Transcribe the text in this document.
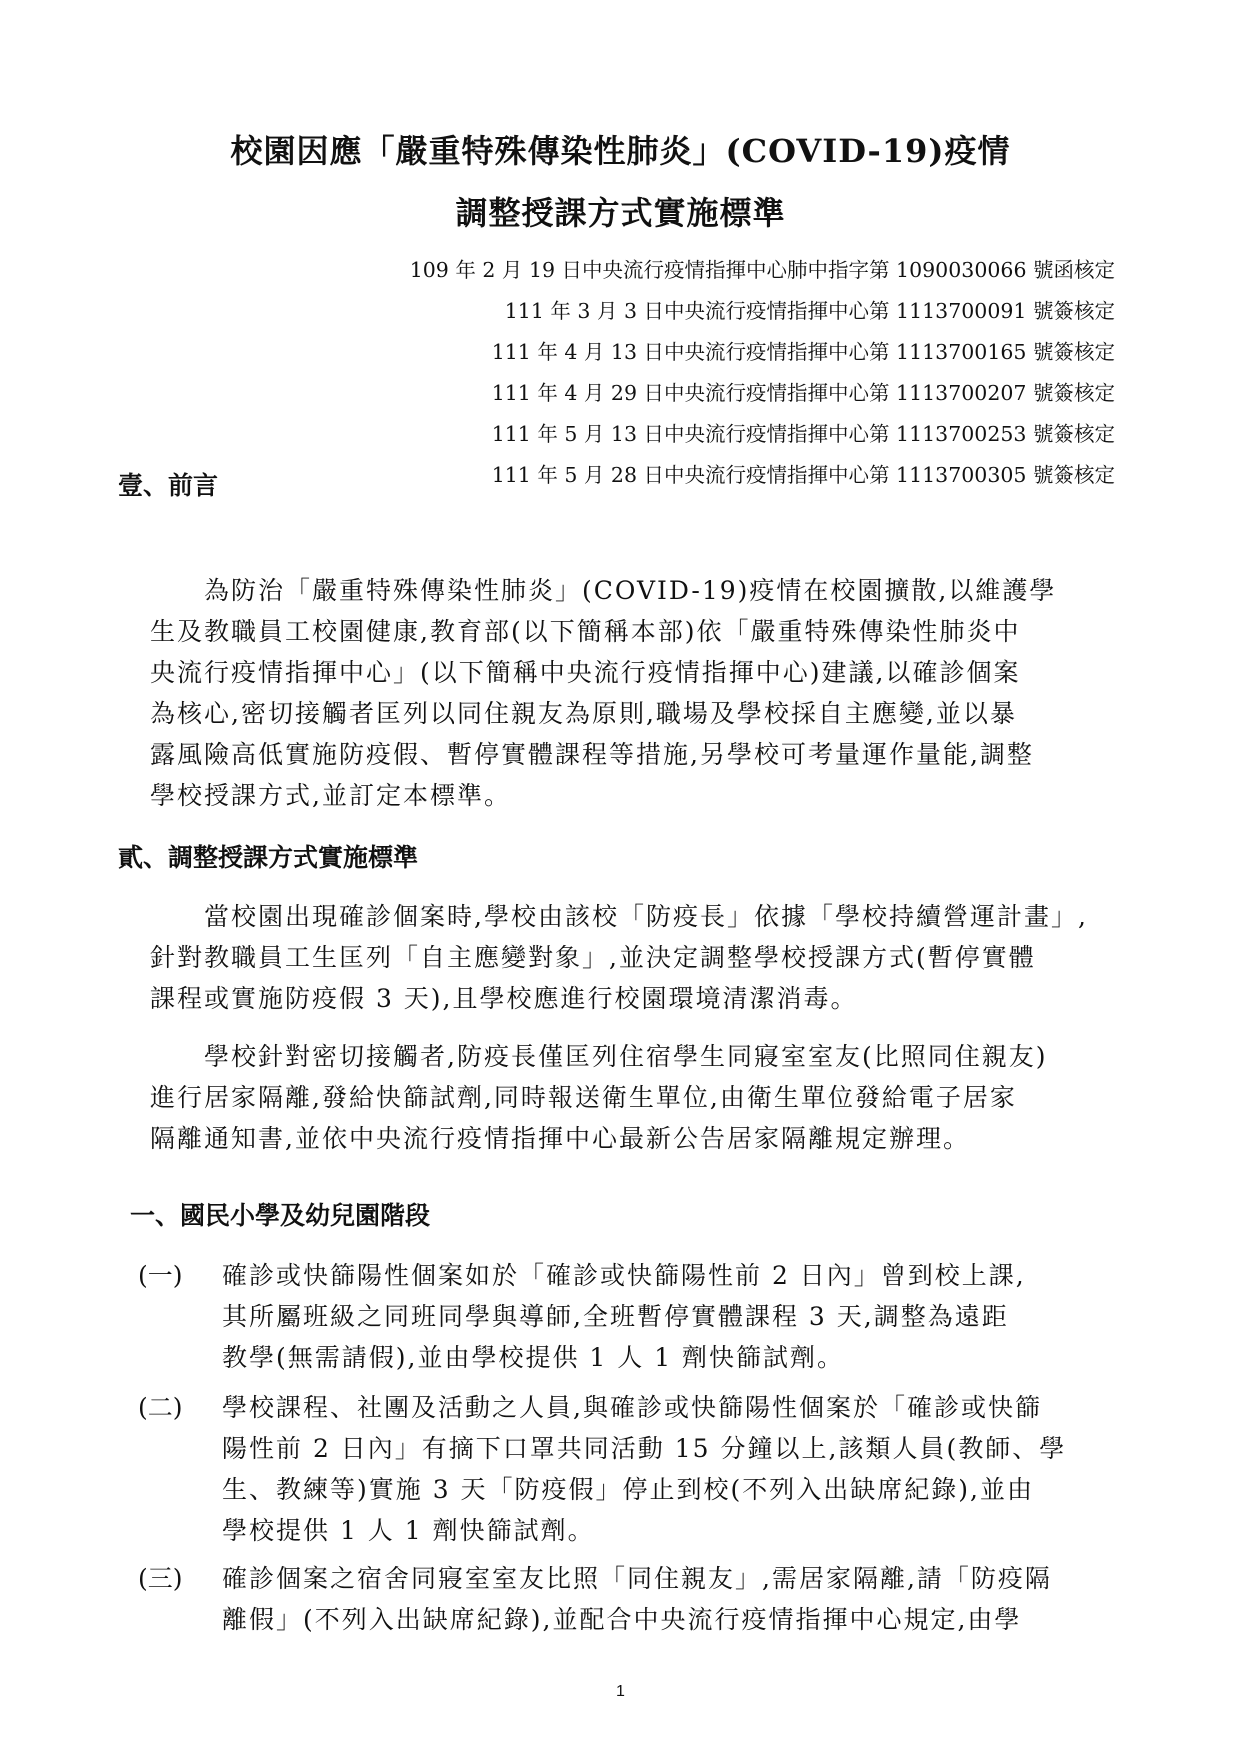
校園因應「嚴重特殊傳染性肺炎」(COVID-19)疫情
調整授課方式實施標準
109 年 2 月 19 日中央流行疫情指揮中心肺中指字第 1090030066 號函核定
111 年 3 月 3 日中央流行疫情指揮中心第 1113700091 號簽核定
111 年 4 月 13 日中央流行疫情指揮中心第 1113700165 號簽核定
111 年 4 月 29 日中央流行疫情指揮中心第 1113700207 號簽核定
111 年 5 月 13 日中央流行疫情指揮中心第 1113700253 號簽核定
111 年 5 月 28 日中央流行疫情指揮中心第 1113700305 號簽核定
壹、前言
　　為防治「嚴重特殊傳染性肺炎」(COVID-19)疫情在校園擴散,以維護學
生及教職員工校園健康,教育部(以下簡稱本部)依「嚴重特殊傳染性肺炎中
央流行疫情指揮中心」(以下簡稱中央流行疫情指揮中心)建議,以確診個案
為核心,密切接觸者匡列以同住親友為原則,職場及學校採自主應變,並以暴
露風險高低實施防疫假、暫停實體課程等措施,另學校可考量運作量能,調整
學校授課方式,並訂定本標準。
貳、調整授課方式實施標準
　　當校園出現確診個案時,學校由該校「防疫長」依據「學校持續營運計畫」,
針對教職員工生匡列「自主應變對象」,並決定調整學校授課方式(暫停實體
課程或實施防疫假 3 天),且學校應進行校園環境清潔消毒。
　　學校針對密切接觸者,防疫長僅匡列住宿學生同寢室室友(比照同住親友)
進行居家隔離,發給快篩試劑,同時報送衛生單位,由衛生單位發給電子居家
隔離通知書,並依中央流行疫情指揮中心最新公告居家隔離規定辦理。
一、國民小學及幼兒園階段
(一) 確診或快篩陽性個案如於「確診或快篩陽性前 2 日內」曾到校上課,
其所屬班級之同班同學與導師,全班暫停實體課程 3 天,調整為遠距
教學(無需請假),並由學校提供 1 人 1 劑快篩試劑。
(二) 學校課程、社團及活動之人員,與確診或快篩陽性個案於「確診或快篩
陽性前 2 日內」有摘下口罩共同活動 15 分鐘以上,該類人員(教師、學
生、教練等)實施 3 天「防疫假」停止到校(不列入出缺席紀錄),並由
學校提供 1 人 1 劑快篩試劑。
(三) 確診個案之宿舍同寢室室友比照「同住親友」,需居家隔離,請「防疫隔
離假」(不列入出缺席紀錄),並配合中央流行疫情指揮中心規定,由學
1
